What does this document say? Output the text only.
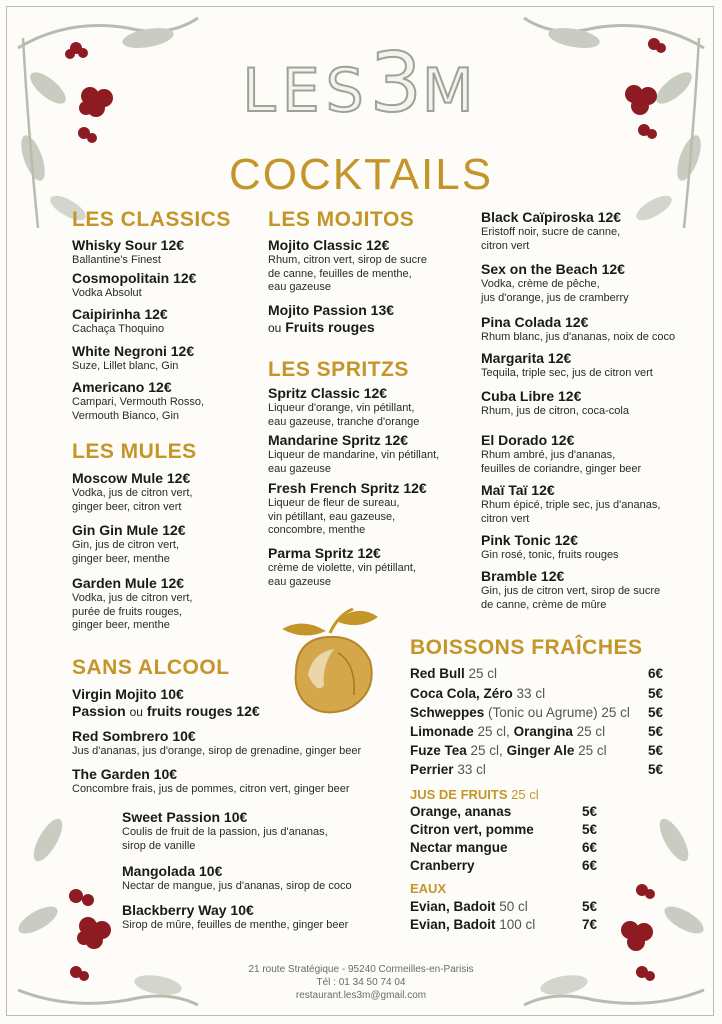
LES3M
COCKTAILS
LES CLASSICS
Whisky Sour 12€
Ballantine's Finest
Cosmopolitain 12€
Vodka Absolut
Caipirinha 12€
Cachaça Thoquino
White Negroni 12€
Suze, Lillet blanc, Gin
Americano 12€
Campari, Vermouth Rosso,
Vermouth Bianco, Gin
LES MULES
Moscow Mule 12€
Vodka, jus de citron vert,
ginger beer, citron vert
Gin Gin Mule 12€
Gin, jus de citron vert,
ginger beer, menthe
Garden Mule 12€
Vodka, jus de citron vert,
purée de fruits rouges,
ginger beer, menthe
LES MOJITOS
Mojito Classic 12€
Rhum, citron vert, sirop de sucre
de canne, feuilles de menthe,
eau gazeuse
Mojito Passion 13€
ou Fruits rouges
LES SPRITZS
Spritz Classic 12€
Liqueur d'orange, vin pétillant,
eau gazeuse, tranche d'orange
Mandarine Spritz 12€
Liqueur de mandarine, vin pétillant,
eau gazeuse
Fresh French Spritz 12€
Liqueur de fleur de sureau,
vin pétillant, eau gazeuse,
concombre, menthe
Parma Spritz 12€
crème de violette, vin pétillant,
eau gazeuse
Black Caïpiroska 12€
Eristoff noir, sucre de canne,
citron vert
Sex on the Beach 12€
Vodka, crème de pêche,
jus d'orange, jus de cramberry
Pina Colada 12€
Rhum blanc, jus d'ananas, noix de coco
Margarita 12€
Tequila, triple sec, jus de citron vert
Cuba Libre 12€
Rhum, jus de citron, coca-cola
El Dorado 12€
Rhum ambré, jus d'ananas,
feuilles de coriandre, ginger beer
Maï Taï 12€
Rhum épicé, triple sec, jus d'ananas,
citron vert
Pink Tonic 12€
Gin rosé, tonic, fruits rouges
Bramble 12€
Gin, jus de citron vert, sirop de sucre
de canne, crème de mûre
SANS ALCOOL
Virgin Mojito 10€
Passion ou fruits rouges 12€
Red Sombrero 10€
Jus d'ananas, jus d'orange, sirop de grenadine, ginger beer
The Garden 10€
Concombre frais, jus de pommes, citron vert, ginger beer
Sweet Passion 10€
Coulis de fruit de la passion, jus d'ananas,
sirop de vanille
Mangolada 10€
Nectar de mangue, jus d'ananas, sirop de coco
Blackberry Way 10€
Sirop de mûre, feuilles de menthe, ginger beer
BOISSONS FRAÎCHES
Red Bull 25 cl	6€
Coca Cola, Zéro 33 cl	5€
Schweppes (Tonic ou Agrume) 25 cl 5€
Limonade 25 cl, Orangina 25 cl	5€
Fuze Tea 25 cl, Ginger Ale 25 cl	5€
Perrier 33 cl	5€
JUS DE FRUITS 25 cl
Orange, ananas	5€
Citron vert, pomme	5€
Nectar mangue	6€
Cranberry	6€
EAUX
Evian, Badoit 50 cl	5€
Evian, Badoit 100 cl	7€
21 route Stratégique - 95240 Cormeilles-en-Parisis
Tél : 01 34 50 74 04
restaurant.les3m@gmail.com
